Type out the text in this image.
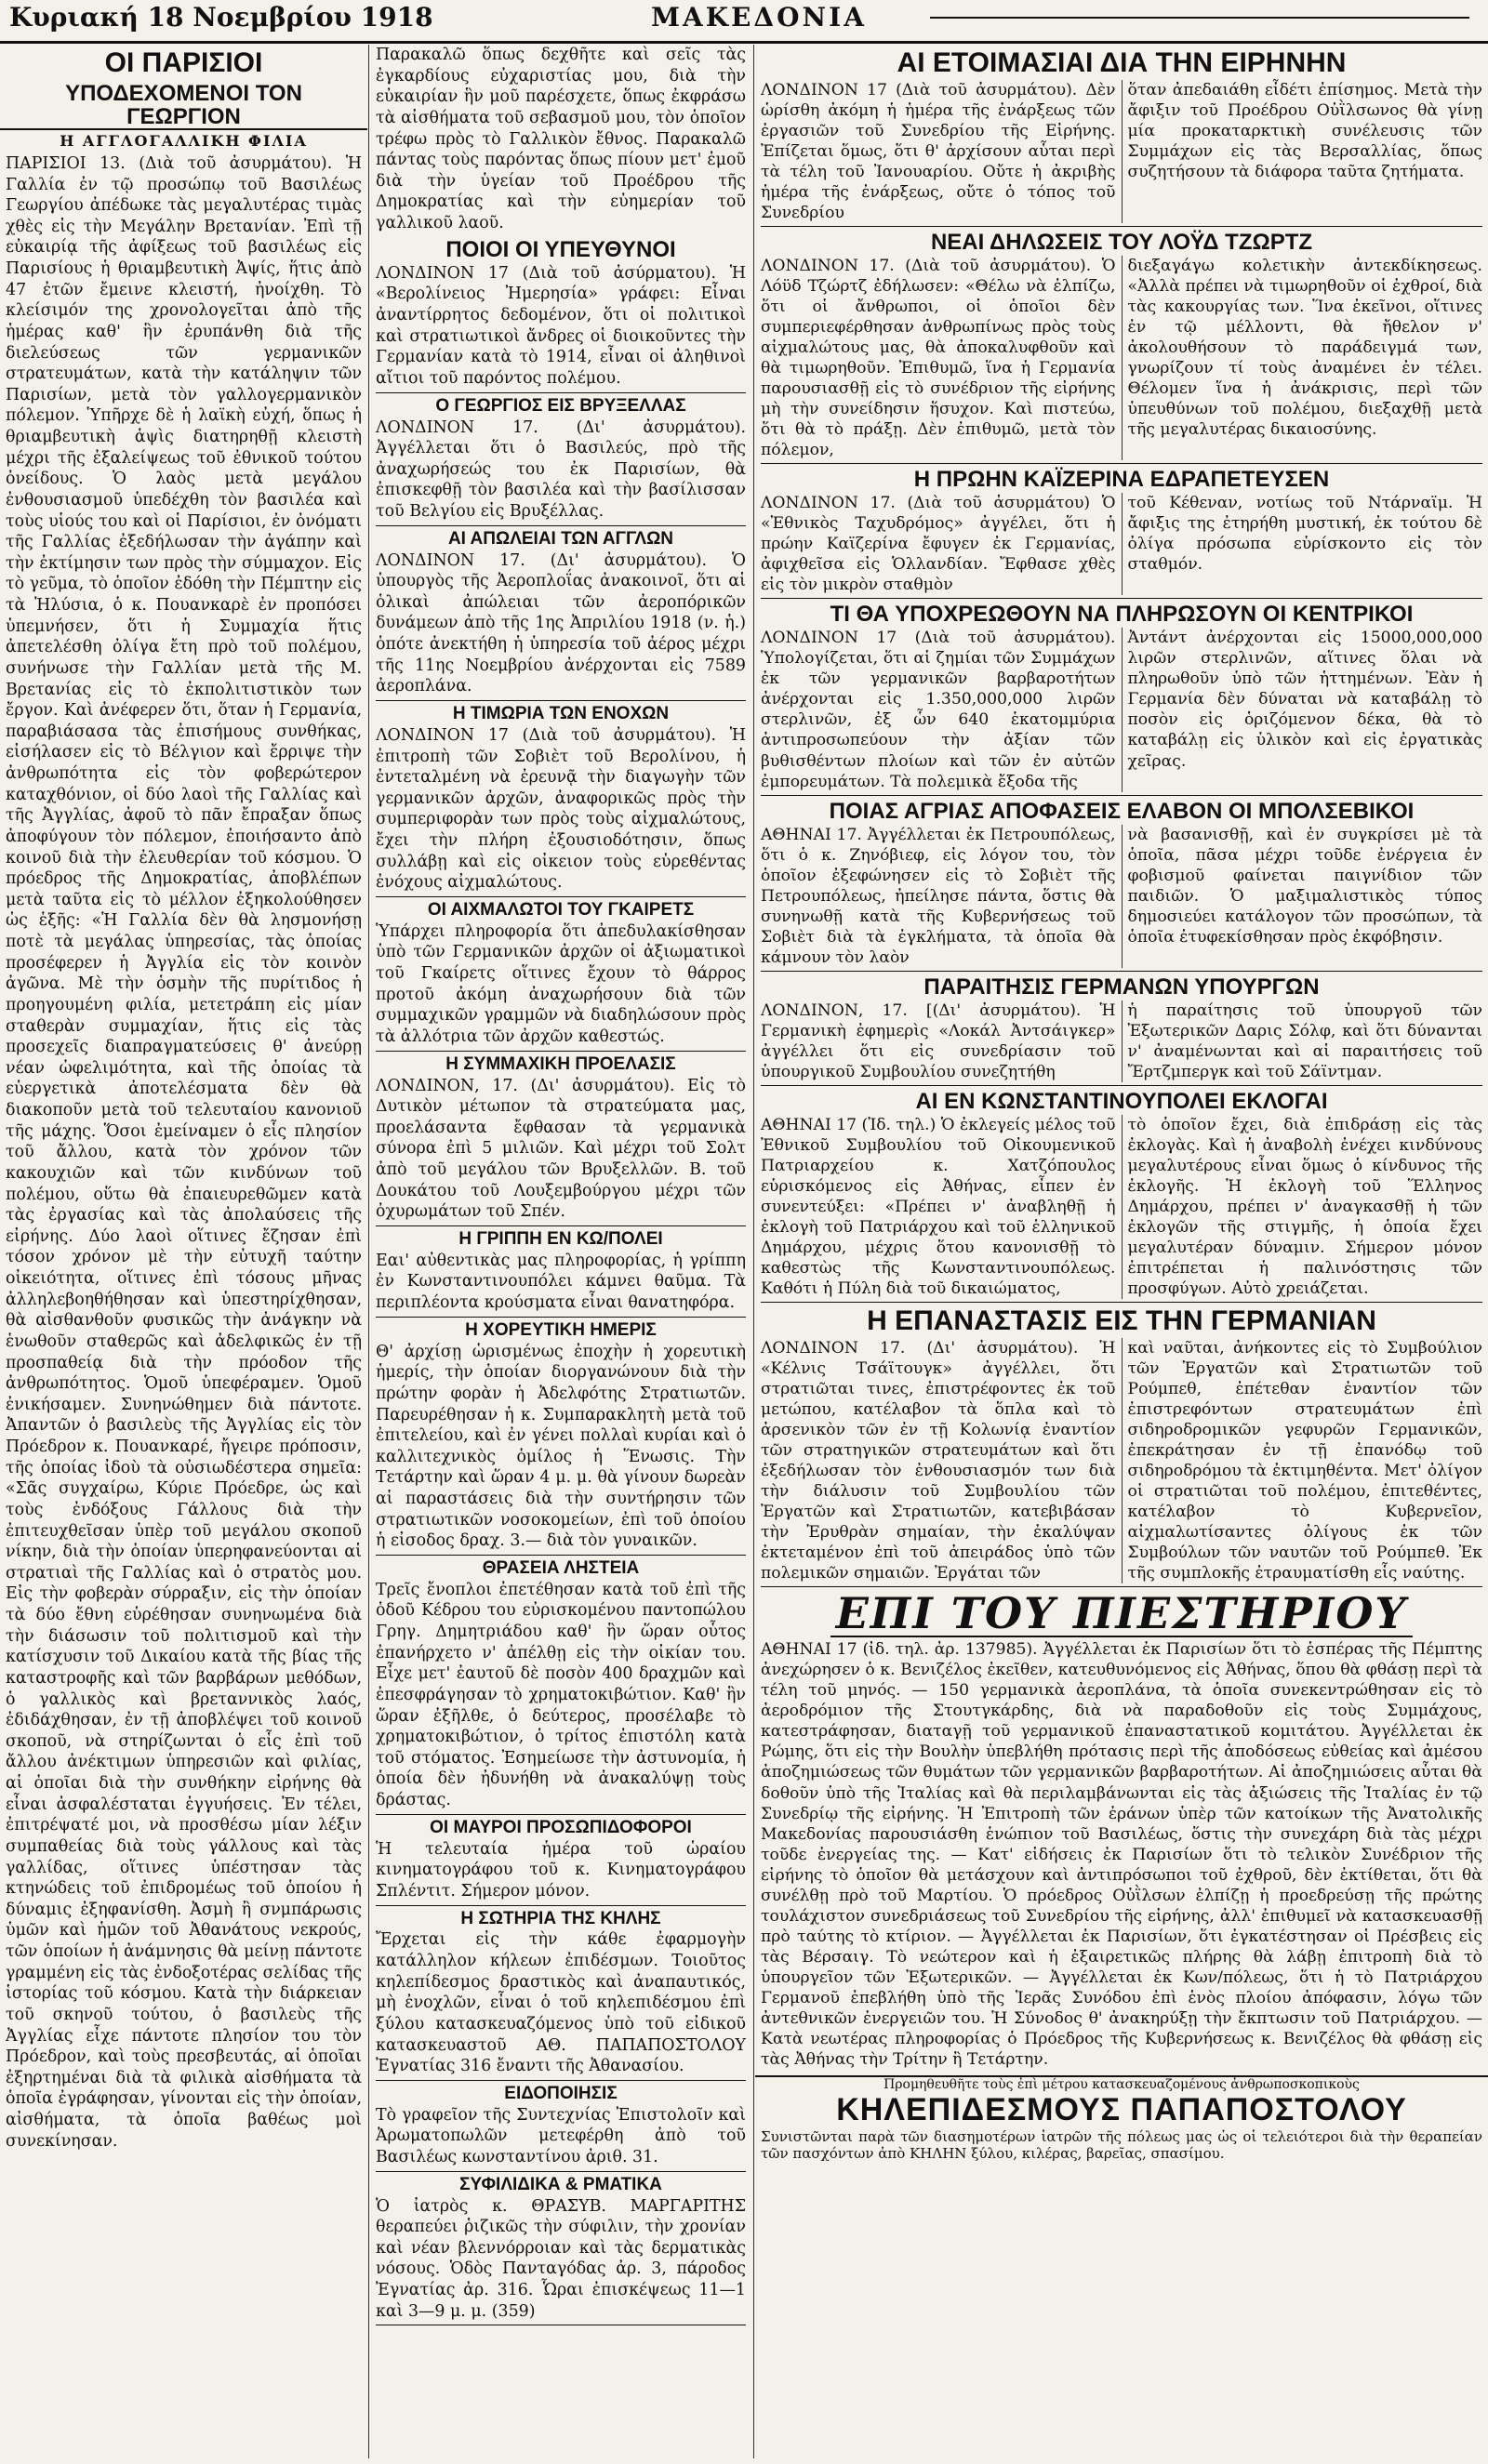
Κυριακή 18 Νοεμβρίου 1918	ΜΑΚΕΔΟΝΙΑ
ΟΙ ΠΑΡΙΣΙΟΙ
ΥΠΟΔΕΧΟΜΕΝΟΙ ΤΟΝ ΓΕΩΡΓΙΟΝ
Η ΑΓΓΛΟΓΑΛΛΙΚΗ ΦΙΛΙΑ

ΠΑΡΙΣΙΟΙ 13. (Διὰ τοῦ ἀσυρμάτου). Ἡ Γαλλία ἐν τῷ προσώπῳ τοῦ Βασιλέως Γεωργίου ἀπέδωκε τὰς μεγαλυτέρας τιμὰς χθὲς εἰς τὴν Μεγάλην Βρετανίαν. Ἐπὶ τῇ εὐκαιρίᾳ τῆς ἀφίξεως τοῦ βασιλέως εἰς Παρισίους ἡ θριαμβευτικὴ Ἀψίς, ἥτις ἀπὸ 47 ἐτῶν ἔμεινε κλειστή, ἠνοίχθη. Τὸ κλείσιμόν της χρονολογεῖται ἀπὸ τῆς ἡμέρας καθ' ἣν ἐρυπάνθη διὰ τῆς διελεύσεως τῶν γερμανικῶν στρατευμάτων, κατὰ τὴν κατάληψιν τῶν Παρισίων, μετὰ τὸν γαλλογερμανικὸν πόλεμον. Ὑπῆρχε δὲ ἡ λαϊκὴ εὐχή, ὅπως ἡ θριαμβευτικὴ ἁψὶς διατηρηθῇ κλειστὴ μέχρι τῆς ἐξαλείψεως τοῦ ἐθνικοῦ τούτου ὀνείδους. Ὁ λαὸς μετὰ μεγάλου ἐνθουσιασμοῦ ὑπεδέχθη τὸν βασιλέα καὶ τοὺς υἱούς του καὶ οἱ Παρίσιοι, ἐν ὀνόματι τῆς Γαλλίας ἐξεδήλωσαν τὴν ἀγάπην καὶ τὴν ἐκτίμησιν των πρὸς τὴν σύμμαχον. Εἰς τὸ γεῦμα, τὸ ὁποῖον ἐδόθη τὴν Πέμπτην εἰς τὰ Ἠλύσια, ὁ κ. Πουανκαρὲ ἐν προπόσει ὑπεμνήσεν, ὅτι ἡ Συμμαχία ἥτις ἀπετελέσθη ὀλίγα ἔτη πρὸ τοῦ πολέμου, συνήνωσε τὴν Γαλλίαν μετὰ τῆς Μ. Βρετανίας εἰς τὸ ἐκπολιτιστικὸν των ἔργον. Καὶ ἀνέφερεν ὅτι, ὅταν ἡ Γερμανία, παραβιάσασα τὰς ἐπισήμους συνθήκας, εἰσήλασεν εἰς τὸ Βέλγιον καὶ ἔρριψε τὴν ἀνθρωπότητα εἰς τὸν φοβερώτερον καταχθόνιον, οἱ δύο λαοὶ τῆς Γαλλίας καὶ τῆς Ἀγγλίας, ἀφοῦ τὸ πᾶν ἔπραξαν ὅπως ἀποφύγουν τὸν πόλεμον, ἐποιήσαντο ἀπὸ κοινοῦ διὰ τὴν ἐλευθερίαν τοῦ κόσμου. Ὁ πρόεδρος τῆς Δημοκρατίας, ἀποβλέπων μετὰ ταῦτα εἰς τὸ μέλλον ἐξηκολούθησεν ὡς ἑξῆς: «Ἡ Γαλλία δὲν θὰ λησμονήσῃ ποτὲ τὰ μεγάλας ὑπηρεσίας, τὰς ὁποίας προσέφερεν ἡ Ἀγγλία εἰς τὸν κοινὸν ἀγῶνα. Μὲ τὴν ὁσμὴν τῆς πυρίτιδος ἡ προηγουμένη φιλία, μετετράπη εἰς μίαν σταθερὰν συμμαχίαν, ἥτις εἰς τὰς προσεχεῖς διαπραγματεύσεις θ' ἀνεύρῃ νέαν ὠφελιμότητα, καὶ τῆς ὁποίας τὰ εὐεργετικὰ ἀποτελέσματα δὲν θὰ διακοποῦν μετὰ τοῦ τελευταίου κανονιοῦ τῆς μάχης. Ὅσοι ἐμείναμεν ὁ εἷς πλησίον τοῦ ἄλλου, κατὰ τὸν χρόνον τῶν κακουχιῶν καὶ τῶν κινδύνων τοῦ πολέμου, οὕτω θὰ ἐπαιευρεθῶμεν κατὰ τὰς ἐργασίας καὶ τὰς ἀπολαύσεις τῆς εἰρήνης. Δύο λαοὶ οἵτινες ἔζησαν ἐπὶ τόσον χρόνον μὲ τὴν εὐτυχῆ ταύτην οἰκειότητα, οἵτινες ἐπὶ τόσους μῆνας ἀλληλεβοηθήθησαν καὶ ὑπεστηρίχθησαν, θὰ αἰσθανθοῦν φυσικῶς τὴν ἀνάγκην νὰ ἑνωθοῦν σταθερῶς καὶ ἀδελφικῶς ἐν τῇ προσπαθείᾳ διὰ τὴν πρόοδον τῆς ἀνθρωπότητος. Ὁμοῦ ὑπεφέραμεν. Ὁμοῦ ἐνικήσαμεν. Συνηνώθημεν διὰ πάντοτε. Ἀπαντῶν ὁ βασιλεὺς τῆς Ἀγγλίας εἰς τὸν Πρόεδρον κ. Πουανκαρέ, ἤγειρε πρόποσιν, τῆς ὁποίας ἰδοὺ τὰ οὐσιωδέστερα σημεῖα: «Σᾶς συγχαίρω, Κύριε Πρόεδρε, ὡς καὶ τοὺς ἐνδόξους Γάλλους διὰ τὴν ἐπιτευχθεῖσαν ὑπὲρ τοῦ μεγάλου σκοποῦ νίκην, διὰ τὴν ὁποίαν ὑπερηφανεύονται αἱ στρατιαὶ τῆς Γαλλίας καὶ ὁ στρατὸς μου. Εἰς τὴν φοβερὰν σύρραξιν, εἰς τὴν ὁποίαν τὰ δύο ἔθνη εὑρέθησαν συνηνωμένα διὰ τὴν διάσωσιν τοῦ πολιτισμοῦ καὶ τὴν κατίσχυσιν τοῦ Δικαίου κατὰ τῆς βίας τῆς καταστροφῆς καὶ τῶν βαρβάρων μεθόδων, ὁ γαλλικὸς καὶ βρεταννικὸς λαός, ἐδιδάχθησαν, ἐν τῇ ἀποβλέψει τοῦ κοινοῦ σκοποῦ, νὰ στηρίζωνται ὁ εἷς ἐπὶ τοῦ ἄλλου ἀνέκτιμων ὑπηρεσιῶν καὶ φιλίας, αἱ ὁποῖαι διὰ τὴν συνθήκην εἰρήνης θὰ εἶναι ἀσφαλέσταται ἐγγυήσεις. Ἐν τέλει, ἐπιτρέψατέ μοι, νὰ προσθέσω μίαν λέξιν συμπαθείας διὰ τοὺς γάλλους καὶ τὰς γαλλίδας, οἵτινες ὑπέστησαν τὰς κτηνώδεις τοῦ ἐπιδρομέως τοῦ ὁποίου ἡ δύναμις ἐξηφανίσθη. Ἀσμὴ ἢ σνμπάρωσις ὑμῶν καὶ ἡμῶν τοῦ Ἀθανάτους νεκρούς, τῶν ὁποίων ἡ ἀνάμνησις θὰ μείνῃ πάντοτε γραμμένη εἰς τὰς ἐνδοξοτέρας σελίδας τῆς ἱστορίας τοῦ κόσμου. Κατὰ τὴν διάρκειαν τοῦ σκηνοῦ τούτου, ὁ βασιλεὺς τῆς Ἀγγλίας εἶχε πάντοτε πλησίον του τὸν Πρόεδρον, καὶ τοὺς πρεσβευτάς, αἱ ὁποῖαι ἐξηρτημέναι διὰ τὰ φιλικὰ αἰσθήματα τὰ ὁποῖα ἐγράφησαν, γίνονται εἰς τὴν ὁποίαν, αἰσθήματα, τὰ ὁποῖα βαθέως μοὶ συνεκίνησαν.

Παρακαλῶ ὅπως δεχθῆτε καὶ σεῖς τὰς ἐγκαρδίους εὐχαριστίας μου, διὰ τὴν εὐκαιρίαν ἣν μοῦ παρέσχετε, ὅπως ἐκφράσω τὰ αἰσθήματα τοῦ σεβασμοῦ μου, τὸν ὁποῖον τρέφω πρὸς τὸ Γαλλικὸν ἔθνος. Παρακαλῶ πάντας τοὺς παρόντας ὅπως πίουν μετ' ἐμοῦ διὰ τὴν ὑγείαν τοῦ Προέδρου τῆς Δημοκρατίας καὶ τὴν εὐημερίαν τοῦ γαλλικοῦ λαοῦ.

ΠΟΙΟΙ ΟΙ ΥΠΕΥΘΥΝΟΙ

ΛΟΝΔΙΝΟΝ 17 (Διὰ τοῦ ἀσύρματου). Ἡ «Βερολίνειος Ἠμερησία» γράφει: Εἶναι ἀναντίρρητος δεδομένον, ὅτι οἱ πολιτικοὶ καὶ στρατιωτικοὶ ἄνδρες οἱ διοικοῦντες τὴν Γερμανίαν κατὰ τὸ 1914, εἶναι οἱ ἀληθινοὶ αἴτιοι τοῦ παρόντος πολέμου.

Ο ΓΕΩΡΓΙΟΣ ΕΙΣ ΒΡΥΞΕΛΛΑΣ

ΛΟΝΔΙΝΟΝ 17. (Δι' ἀσυρμάτου). Ἀγγέλλεται ὅτι ὁ Βασιλεύς, πρὸ τῆς ἀναχωρήσεώς του ἐκ Παρισίων, θὰ ἐπισκεφθῇ τὸν βασιλέα καὶ τὴν βασίλισσαν τοῦ Βελγίου εἰς Βρυξέλλας.

ΑΙ ΑΠΩΛΕΙΑΙ ΤΩΝ ΑΓΓΛΩΝ

ΛΟΝΔΙΝΟΝ 17. (Δι' ἀσυρμάτου). Ὁ ὑπουργὸς τῆς Ἀεροπλοΐας ἀνακοινοῖ, ὅτι αἱ ὁλικαὶ ἀπώλειαι τῶν ἀεροπόρικῶν δυνάμεων ἀπὸ τῆς 1ης Ἀπριλίου 1918 (ν. ἡ.) ὁπότε ἀνεκτήθη ἡ ὑπηρεσία τοῦ ἀέρος μέχρι τῆς 11ης Νοεμβρίου ἀνέρχονται εἰς 7589 ἀεροπλάνα.

Η ΤΙΜΩΡΙΑ ΤΩΝ ΕΝΟΧΩΝ

ΛΟΝΔΙΝΟΝ 17 (Διὰ τοῦ ἀσυρμάτου). Ἡ ἐπιτροπὴ τῶν Σοβιὲτ τοῦ Βερολίνου, ἡ ἐντεταλμένη νὰ ἐρευνᾷ τὴν διαγωγὴν τῶν γερμανικῶν ἀρχῶν, ἀναφορικῶς πρὸς τὴν συμπεριφορὰν των πρὸς τοὺς αἰχμαλώτους, ἔχει τὴν πλήρη ἐξουσιοδότησιν, ὅπως συλλάβῃ καὶ εἰς οἰκειον τοὺς εὑρεθέντας ἐνόχους αἰχμαλώτους.

ΟΙ ΑΙΧΜΑΛΩΤΟΙ ΤΟΥ ΓΚΑΙΡΕΤΣ

Ὑπάρχει πληροφορία ὅτι ἀπεδυλακίσθησαν ὑπὸ τῶν Γερμανικῶν ἀρχῶν οἱ ἀξιωματικοὶ τοῦ Γκαίρετς οἵτινες ἔχουν τὸ θάρρος προτοῦ ἀκόμη ἀναχωρήσουν διὰ τῶν συμμαχικῶν γραμμῶν νὰ διαδηλώσουν πρὸς τὰ ἀλλότρια τῶν ἀρχῶν καθεστώς.

Η ΣΥΜΜΑΧΙΚΗ ΠΡΟΕΛΑΣΙΣ

ΛΟΝΔΙΝΟΝ, 17. (Δι' ἀσυρμάτου). Εἰς τὸ Δυτικὸν μέτωπον τὰ στρατεύματα μας, προελάσαντα ἔφθασαν τὰ γερμανικὰ σύνορα ἐπὶ 5 μιλιῶν. Καὶ μέχρι τοῦ Σολτ ἀπὸ τοῦ μεγάλου τῶν Βρυξελλῶν. Β. τοῦ Δουκάτου τοῦ Λουξεμβούργου μέχρι τῶν ὀχυρωμάτων τοῦ Σπέν.

Η ΓΡΙΠΠΗ ΕΝ ΚΩ/ΠΟΛΕΙ

Εαι' αὐθεντικὰς μας πληροφορίας, ἡ γρίππη ἐν Κωνσταντινουπόλει κάμνει θαῦμα. Τὰ περιπλέοντα κρούσματα εἶναι θανατηφόρα.

Η ΧΟΡΕΥΤΙΚΗ ΗΜΕΡΙΣ

Θ' ἀρχίσῃ ὡρισμένως ἐποχὴν ἡ χορευτικὴ ἡμερίς, τὴν ὁποίαν διοργανώνουν διὰ τὴν πρώτην φορὰν ἡ Ἀδελφότης Στρατιωτῶν. Παρευρέθησαν ἡ κ. Συμπαρακλητὴ μετὰ τοῦ ἐπιτελείου, καὶ ἐν γένει πολλαὶ κυρίαι καὶ ὁ καλλιτεχνικὸς ὁμίλος ἡ Ἕνωσις. Τὴν Τετάρτην καὶ ὥραν 4 μ. μ. θὰ γίνουν δωρεὰν αἱ παραστάσεις διὰ τὴν συντήρησιν τῶν στρατιωτικῶν νοσοκομείων, ἐπὶ τοῦ ὁποίου ἡ εἰσοδος δραχ. 3.— διὰ τὸν γυναικῶν.

ΘΡΑΣΕΙΑ ΛΗΣΤΕΙΑ

Τρεῖς ἔνοπλοι ἐπετέθησαν κατὰ τοῦ ἐπὶ τῆς ὁδοῦ Κέδρου του εὐρισκομένου παντοπώλου Γρηγ. Δημητριάδου καθ' ἣν ὥραν οὗτος ἐπανήρχετο ν' ἀπέλθῃ εἰς τὴν οἰκίαν του. Εἶχε μετ' ἐαυτοῦ δὲ ποσὸν 400 δραχμῶν καὶ ἐπεσφράγησαν τὸ χρηματοκιβώτιον. Καθ' ἣν ὥραν ἐξῆλθε, ὁ δεύτερος, προσέλαβε τὸ χρηματοκιβώτιον, ὁ τρίτος ἐπιστόλη κατὰ τοῦ στόματος. Ἐσημείωσε τὴν ἀστυνομία, ἡ ὁποία δὲν ἠδυνήθη νὰ ἀνακαλύψῃ τοὺς δράστας.

ΟΙ ΜΑΥΡΟΙ ΠΡΟΣΩΠΙΔΟΦΟΡΟΙ

Ἡ τελευταία ἡμέρα τοῦ ὡραίου κινηματογράφου τοῦ κ. Κινηματογράφου Σπλέντιτ. Σήμερον μόνον.

Η ΣΩΤΗΡΙΑ ΤΗΣ ΚΗΛΗΣ

Ἔρχεται εἰς τὴν κάθε ἐφαρμογὴν κατάλληλον κήλεων ἐπιδέσμων. Τοιοῦτος κηλεπίδεσμος δραστικὸς καὶ ἀναπαυτικός, μὴ ἐνοχλῶν, εἶναι ὁ τοῦ κηλεπιδέσμου ἐπὶ ξύλου κατασκευαζόμενος ὑπὸ τοῦ εἰδικοῦ κατασκευαστοῦ ΑΘ. ΠΑΠΑΠΟΣΤΟΛΟΥ Ἐγνατίας 316 ἔναντι τῆς Ἀθανασίου.

ΕΙΔΟΠΟΙΗΣΙΣ

Τὸ γραφεῖον τῆς Συντεχνίας Ἐπιστολοῖν καὶ Ἀρωματοπωλῶν μετεφέρθη ἀπὸ τοῦ Βασιλέως κωνσταντίνου ἀριθ. 31.

ΣΥΦΙΛΙΔΙΚΑ & ΡΜΑΤΙΚΑ

Ὁ ἰατρὸς κ. ΘΡΑΣΥΒ. ΜΑΡΓΑΡΙΤΗΣ θεραπεύει ῥιζικῶς τὴν σύφιλιν, τὴν χρονίαν καὶ νέαν βλεννόρροιαν καὶ τὰς δερματικὰς νόσους. Ὁδὸς Πανταγόδας ἀρ. 3, πάροδος Ἐγνατίας ἀρ. 316. Ὧραι ἐπισκέψεως 11—1 καὶ 3—9 μ. μ. (359)

ΑΙ ΕΤΟΙΜΑΣΙΑΙ ΔΙΑ ΤΗΝ ΕΙΡΗΝΗΝ

ΛΟΝΔΙΝΟΝ 17 (Διὰ τοῦ ἀσυρμάτου). Δὲν ὡρίσθη ἀκόμη ἡ ἡμέρα τῆς ἐνάρξεως τῶν ἐργασιῶν τοῦ Συνεδρίου τῆς Εἰρήνης. Ἐπίζεται ὅμως, ὅτι θ' ἀρχίσουν αὗται περὶ τὰ τέλη τοῦ Ἰανουαρίου. Οὔτε ἡ ἀκριβὴς ἡμέρα τῆς ἐνάρξεως, οὔτε ὁ τόπος τοῦ Συνεδρίου

ὅταν ἀπεδαιάθη εἶδέτι ἐπίσημος. Μετὰ τὴν ἄφιξιν τοῦ Προέδρου Οὐῒλσωνος θὰ γίνῃ μία προκαταρκτικὴ συνέλευσις τῶν Συμμάχων εἰς τὰς Βερσαλλίας, ὅπως συζητήσουν τὰ διάφορα ταῦτα ζητήματα.

ΝΕΑΙ ΔΗΛΩΣΕΙΣ ΤΟΥ ΛΟΫΔ ΤΖΩΡΤΖ

ΛΟΝΔΙΝΟΝ 17. (Διὰ τοῦ ἀσυρμάτου). Ὁ Λόϋδ Τζώρτζ ἐδήλωσεν: «Θέλω νὰ ἐλπίζω, ὅτι οἱ ἄνθρωποι, οἱ ὁποῖοι δὲν συμπεριεφέρθησαν ἀνθρωπίνως πρὸς τοὺς αἰχμαλώτους μας, θὰ ἀποκαλυφθοῦν καὶ θὰ τιμωρηθοῦν. Ἐπιθυμῶ, ἵνα ἡ Γερμανία παρουσιασθῇ εἰς τὸ συνέδριον τῆς εἰρήνης μὴ τὴν συνείδησιν ἥσυχον. Καὶ πιστεύω, ὅτι θὰ τὸ πράξῃ. Δὲν ἐπιθυμῶ, μετὰ τὸν πόλεμον,

διεξαγάγω κολετικὴν ἀντεκδίκησεως. «Ἀλλὰ πρέπει νὰ τιμωρηθοῦν οἱ ἐχθροί, διὰ τὰς κακουργίας των. Ἵνα ἐκεῖνοι, οἵτινες ἐν τῷ μέλλοντι, θὰ ἤθελον ν' ἀκολουθήσουν τὸ παράδειγμά των, γνωρίζουν τί τοὺς ἀναμένει ἐν τέλει. Θέλομεν ἵνα ἡ ἀνάκρισις, περὶ τῶν ὑπευθύνων τοῦ πολέμου, διεξαχθῇ μετὰ τῆς μεγαλυτέρας δικαιοσύνης.

Η ΠΡΩΗΝ ΚΑΪΖΕΡΙΝΑ ΕΔΡΑΠΕΤΕΥΣΕΝ

ΛΟΝΔΙΝΟΝ 17. (Διὰ τοῦ ἀσυρμάτου) Ὁ «Ἐθνικὸς Ταχυδρόμος» ἀγγέλει, ὅτι ἡ πρώην Καϊζερίνα ἔφυγεν ἐκ Γερμανίας, ἀφιχθεῖσα εἰς Ὁλλανδίαν. Ἔφθασε χθὲς εἰς τὸν μικρὸν σταθμὸν

τοῦ Κέθεναν, νοτίως τοῦ Ντάρναϊμ. Ἡ ἄφιξις της ἐτηρήθη μυστική, ἐκ τούτου δὲ ὀλίγα πρόσωπα εὑρίσκοντο εἰς τὸν σταθμόν.

ΤΙ ΘΑ ΥΠΟΧΡΕΩΘΟΥΝ ΝΑ ΠΛΗΡΩΣΟΥΝ ΟΙ ΚΕΝΤΡΙΚΟΙ

ΛΟΝΔΙΝΟΝ 17 (Διὰ τοῦ ἀσυρμάτου). Ὑπολογίζεται, ὅτι αἱ ζημίαι τῶν Συμμάχων ἐκ τῶν γερμανικῶν βαρβαροτήτων ἀνέρχονται εἰς 1.350,000,000 λιρῶν στερλινῶν, ἐξ ὧν 640 ἑκατομμύρια ἀντιπροσωπεύουν τὴν ἀξίαν τῶν βυθισθέντων πλοίων καὶ τῶν ἐν αὐτῶν ἐμπορευμάτων. Τὰ πολεμικὰ ἔξοδα τῆς

Ἀντάντ ἀνέρχονται εἰς 15000,000,000 λιρῶν στερλινῶν, αἵτινες ὅλαι νὰ πληρωθοῦν ὑπὸ τῶν ἡττημένων. Ἐὰν ἡ Γερμανία δὲν δύναται νὰ καταβάλῃ τὸ ποσὸν εἰς ὁριζόμενον δέκα, θὰ τὸ καταβάλῃ εἰς ὑλικὸν καὶ εἰς ἐργατικὰς χεῖρας.

ΠΟΙΑΣ ΑΓΡΙΑΣ ΑΠΟΦΑΣΕΙΣ ΕΛΑΒΟΝ ΟΙ ΜΠΟΛΣΕΒΙΚΟΙ

ΑΘΗΝΑΙ 17. Ἀγγέλλεται ἐκ Πετρουπόλεως, ὅτι ὁ κ. Ζηνόβιεφ, εἰς λόγον του, τὸν ὁποῖον ἐξεφώνησεν εἰς τὸ Σοβιὲτ τῆς Πετρουπόλεως, ἠπείλησε πάντα, ὅστις θὰ συνηνωθῇ κατὰ τῆς Κυβερνήσεως τοῦ Σοβιὲτ διὰ τὰ ἐγκλήματα, τὰ ὁποῖα θὰ κάμνουν τὸν λαὸν

νὰ βασανισθῇ, καὶ ἐν συγκρίσει μὲ τὰ ὁποῖα, πᾶσα μέχρι τοῦδε ἐνέργεια ἐν φοβισμοῦ φαίνεται παιγνίδιον τῶν παιδιῶν. Ὁ μαξιμαλιστικὸς τύπος δημοσιεύει κατάλογον τῶν προσώπων, τὰ ὁποῖα ἐτυφεκίσθησαν πρὸς ἐκφόβησιν.

ΠΑΡΑΙΤΗΣΙΣ ΓΕΡΜΑΝΩΝ ΥΠΟΥΡΓΩΝ

ΛΟΝΔΙΝΟΝ, 17. [(Δι' ἀσυρμάτου). Ἡ Γερμανικὴ ἐφημερὶς «Λοκάλ Ἀντσάιγκερ» ἀγγέλλει ὅτι εἰς συνεδρίασιν τοῦ ὑπουργικοῦ Συμβουλίου συνεζητήθη

ἡ παραίτησις τοῦ ὑπουργοῦ τῶν Ἐξωτερικῶν Δαρις Σόλφ, καὶ ὅτι δύνανται ν' ἀναμένωνται καὶ αἱ παραιτήσεις τοῦ Ἔρτζμπεργκ καὶ τοῦ Σάϊντμαν.

ΑΙ ΕΝ ΚΩΝΣΤΑΝΤΙΝΟΥΠΟΛΕΙ ΕΚΛΟΓΑΙ

ΑΘΗΝΑΙ 17 (Ἰδ. τηλ.) Ὁ ἐκλεγείς μέλος τοῦ Ἐθνικοῦ Συμβουλίου τοῦ Οἰκουμενικοῦ Πατριαρχείου κ. Χατζόπουλος εὑρισκόμενος εἰς Ἀθήνας, εἶπεν ἐν συνεντεύξει: «Πρέπει ν' ἀναβληθῇ ἡ ἐκλογὴ τοῦ Πατριάρχου καὶ τοῦ ἑλληνικοῦ Δημάρχου, μέχρις ὅτου κανονισθῇ τὸ καθεστὼς τῆς Κωνσταντινουπόλεως. Καθότι ἡ Πύλη διὰ τοῦ δικαιώματος,

τὸ ὁποῖον ἔχει, διὰ ἐπιδράσῃ εἰς τὰς ἐκλογὰς. Καὶ ἡ ἀναβολὴ ἐνέχει κινδύνους μεγαλυτέρους εἶναι ὅμως ὁ κίνδυνος τῆς ἐκλογῆς. Ἡ ἐκλογὴ τοῦ Ἕλληνος Δημάρχου, πρέπει ν' ἀναγκασθῇ ἡ τῶν ἐκλογῶν τῆς στιγμῆς, ἡ ὁποία ἔχει μεγαλυτέραν δύναμιν. Σήμερον μόνον ἐπιτρέπεται ἡ παλινόστησις τῶν προσφύγων. Αὐτὸ χρειάζεται.

Η ΕΠΑΝΑΣΤΑΣΙΣ ΕΙΣ ΤΗΝ ΓΕΡΜΑΝΙΑΝ

ΛΟΝΔΙΝΟΝ 17. (Δι' ἀσυρμάτου). Ἡ «Κέλνις Τσάϊτουγκ» ἀγγέλλει, ὅτι στρατιῶται τινες, ἐπιστρέφοντες ἐκ τοῦ μετώπου, κατέλαβον τὰ ὅπλα καὶ τὸ ἀρσενικὸν τῶν ἐν τῇ Κολωνίᾳ ἐναντίον τῶν στρατηγικῶν στρατευμάτων καὶ ὅτι ἐξεδήλωσαν τὸν ἐνθουσιασμόν των διὰ τὴν διάλυσιν τοῦ Συμβουλίου τῶν Ἐργατῶν καὶ Στρατιωτῶν, κατεβιβάσαν τὴν Ἐρυθρὰν σημαίαν, τὴν ἐκαλύψαν ἐκτεταμένον ἐπὶ τοῦ ἀπειράδος ὑπὸ τῶν πολεμικῶν σημαιῶν. Ἐργάται τῶν

καὶ ναῦται, ἀνήκοντες εἰς τὸ Συμβούλιον τῶν Ἐργατῶν καὶ Στρατιωτῶν τοῦ Ρούμπεθ, ἐπέτεθαν ἐναντίον τῶν ἐπιστρεφόντων στρατευμάτων ἐπὶ σιδηροδρομικῶν γεφυρῶν Γερμανικῶν, ἐπεκράτησαν ἐν τῇ ἐπανόδῳ τοῦ σιδηροδρόμου τὰ ἐκτιμηθέντα. Μετ' ὀλίγον οἱ στρατιῶται τοῦ πολέμου, ἐπιτεθέντες, κατέλαβον τὸ Κυβερνεῖον, αἰχμαλωτίσαντες ὀλίγους ἐκ τῶν Συμβούλων τῶν ναυτῶν τοῦ Ρούμπεθ. Ἐκ τῆς συμπλοκῆς ἐτραυματίσθη εἷς ναύτης.

ΕΠΙ ΤΟΥ ΠΙΕΣΤΗΡΙΟΥ

ΑΘΗΝΑΙ 17 (ἰδ. τηλ. ἀρ. 137985). Ἀγγέλλεται ἐκ Παρισίων ὅτι τὸ ἑσπέρας τῆς Πέμπτης ἀνεχώρησεν ὁ κ. Βενιζέλος ἐκεῖθεν, κατευθυνόμενος εἰς Ἀθήνας, ὅπου θὰ φθάσῃ περὶ τὰ τέλη τοῦ μηνός. — 150 γερμανικὰ ἀεροπλάνα, τὰ ὁποῖα συνεκεντρώθησαν εἰς τὸ ἀεροδρόμιον τῆς Στουτγκάρδης, διὰ νὰ παραδοθοῦν εἰς τοὺς Συμμάχους, κατεστράφησαν, διαταγῇ τοῦ γερμανικοῦ ἐπαναστατικοῦ κομιτάτου. Ἀγγέλλεται ἐκ Ρώμης, ὅτι εἰς τὴν Βουλὴν ὑπεβλήθη πρότασις περὶ τῆς ἀποδόσεως εὐθείας καὶ ἀμέσου ἀποζημιώσεως τῶν θυμάτων τῶν γερμανικῶν βαρβαροτήτων. Αἱ ἀποζημιώσεις αὗται θὰ δοθοῦν ὑπὸ τῆς Ἰταλίας καὶ θὰ περιλαμβάνωνται εἰς τὰς ἀξιώσεις τῆς Ἰταλίας ἐν τῷ Συνεδρίῳ τῆς εἰρήνης. Ἡ Ἐπιτροπὴ τῶν ἐράνων ὑπὲρ τῶν κατοίκων τῆς Ἀνατολικῆς Μακεδονίας παρουσιάσθη ἑνώπιον τοῦ Βασιλέως, ὅστις τὴν συνεχάρη διὰ τὰς μέχρι τοῦδε ἐνεργείας της. — Κατ' εἰδήσεις ἐκ Παρισίων ὅτι τὸ τελικὸν Συνέδριον τῆς εἰρήνης τὸ ὁποῖον θὰ μετάσχουν καὶ ἀντιπρόσωποι τοῦ ἐχθροῦ, δὲν ἐκτίθεται, ὅτι θὰ συνέλθῃ πρὸ τοῦ Μαρτίου. Ὁ πρόεδρος Οὐῒλσων ἐλπίζῃ ἡ προεδρεύσῃ τῆς πρώτης τουλάχιστον συνεδριάσεως τοῦ Συνεδρίου τῆς εἰρήνης, ἀλλ' ἐπιθυμεῖ νὰ κατασκευασθῇ πρὸ ταύτης τὸ κτίριον. — Ἀγγέλλεται ἐκ Παρισίων, ὅτι ἐγκατέστησαν οἱ Πρέσβεις εἰς τὰς Βέρσαιγ. Τὸ νεώτερον καὶ ἡ ἐξαιρετικῶς πλήρης θὰ λάβῃ ἐπιτροπὴ διὰ τὸ ὑπουργεῖον τῶν Ἐξωτερικῶν. — Ἀγγέλλεται ἐκ Κων/πόλεως, ὅτι ἡ τὸ Πατριάρχου Γερμανοῦ ἐπεβλήθη ὑπὸ τῆς Ἱερᾶς Συνόδου ἐπὶ ἑνὸς πλοίου ἀπόφασιν, λόγω τῶν ἀντεθνικῶν ἐνεργειῶν του. Ἡ Σύνοδος θ' ἀνακηρύξῃ τὴν ἔκπτωσιν τοῦ Πατριάρχου. — Κατὰ νεωτέρας πληροφορίας ὁ Πρόεδρος τῆς Κυβερνήσεως κ. Βενιζέλος θὰ φθάσῃ εἰς τὰς Ἀθήνας τὴν Τρίτην ἢ Τετάρτην.

Προμηθευθῆτε τοὺς ἐπὶ μέτρου κατασκευαζομένους ἀνθρωποσκοπικοὺς
ΚΗΛΕΠΙΔΕΣΜΟΥΣ ΠΑΠΑΠΟΣΤΟΛΟΥ
Συνιστῶνται παρὰ τῶν διασημοτέρων ἰατρῶν τῆς πόλεως μας ὡς οἱ τελειότεροι διὰ τὴν θεραπείαν τῶν πασχόντων ἀπὸ ΚΗΛΗΝ ξύλου, κιλέρας, βαρεῖας, σπασίμου.
